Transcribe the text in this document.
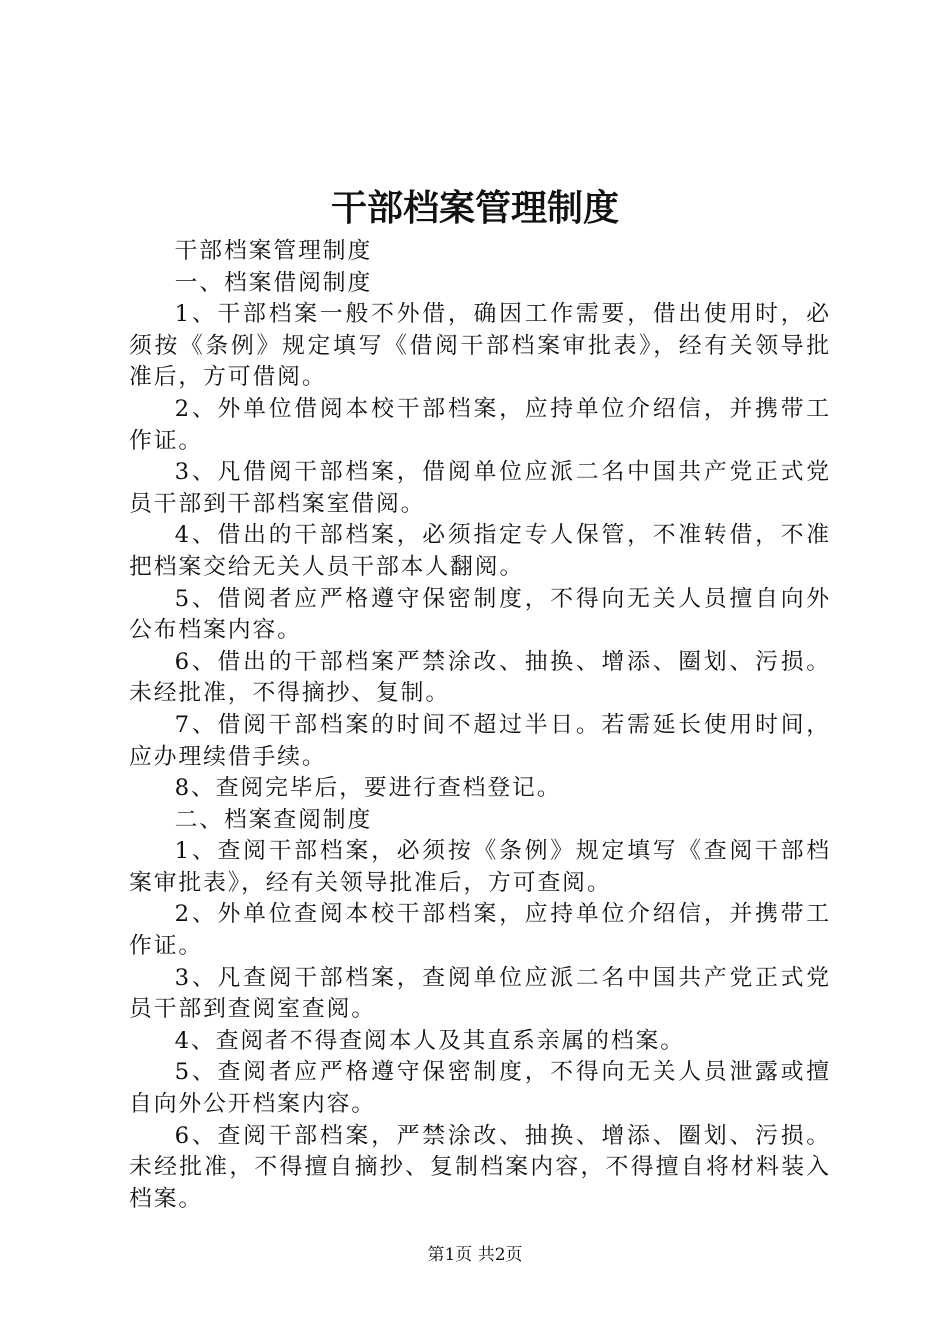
干部档案管理制度

干部档案管理制度

一、档案借阅制度

1、干部档案一般不外借，确因工作需要，借出使用时，必须按《条例》规定填写《借阅干部档案审批表》，经有关领导批准后，方可借阅。

2、外单位借阅本校干部档案，应持单位介绍信，并携带工作证。

3、凡借阅干部档案，借阅单位应派二名中国共产党正式党员干部到干部档案室借阅。

4、借出的干部档案，必须指定专人保管，不准转借，不准把档案交给无关人员干部本人翻阅。

5、借阅者应严格遵守保密制度，不得向无关人员擅自向外公布档案内容。

6、借出的干部档案严禁涂改、抽换、增添、圈划、污损。未经批准，不得摘抄、复制。

7、借阅干部档案的时间不超过半日。若需延长使用时间，应办理续借手续。

8、查阅完毕后，要进行查档登记。

二、档案查阅制度

1、查阅干部档案，必须按《条例》规定填写《查阅干部档案审批表》，经有关领导批准后，方可查阅。

2、外单位查阅本校干部档案，应持单位介绍信，并携带工作证。

3、凡查阅干部档案，查阅单位应派二名中国共产党正式党员干部到查阅室查阅。

4、查阅者不得查阅本人及其直系亲属的档案。

5、查阅者应严格遵守保密制度，不得向无关人员泄露或擅自向外公开档案内容。

6、查阅干部档案，严禁涂改、抽换、增添、圈划、污损。未经批准，不得擅自摘抄、复制档案内容，不得擅自将材料装入档案。

第1页 共2页
